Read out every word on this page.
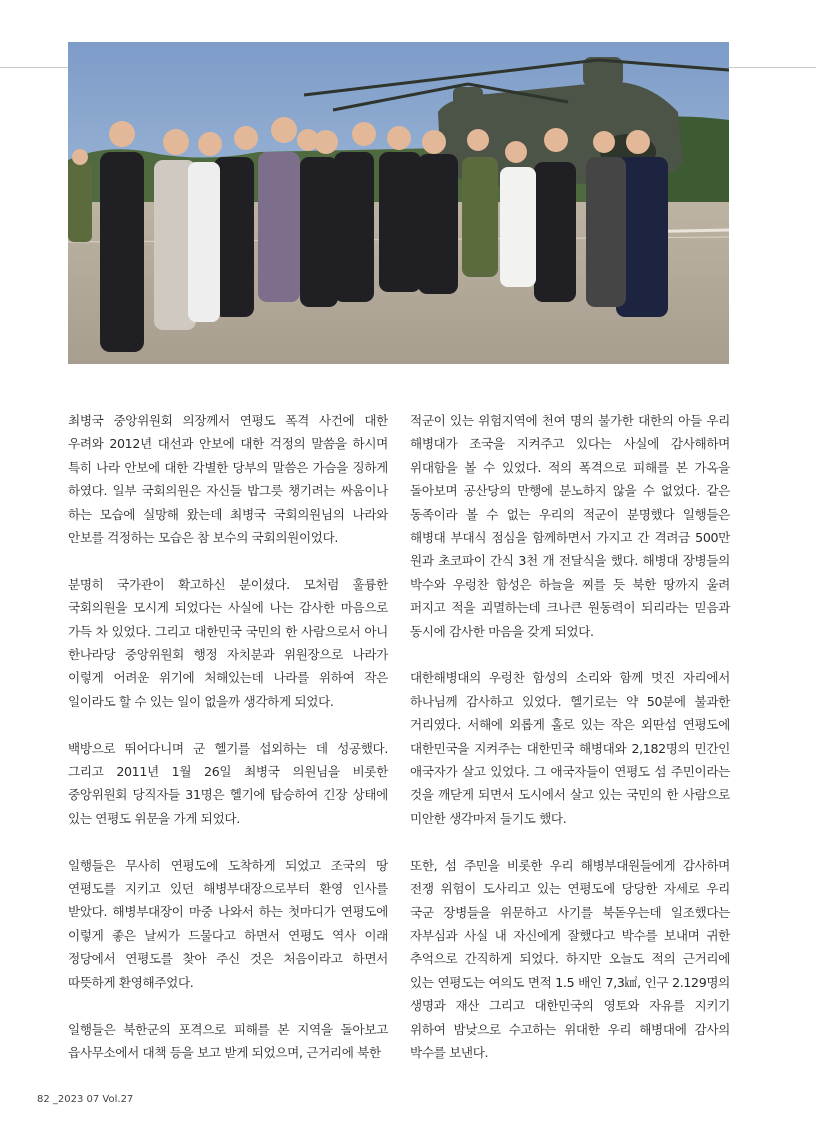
최병국 중앙위원회 의장께서 연평도 폭격 사건에 대한 우려와 2012년 대선과 안보에 대한 걱정의 말씀을 하시며 특히 나라 안보에 대한 각별한 당부의 말씀은 가슴을 징하게 하였다. 일부 국회의원은 자신들 밥그릇 챙기려는 싸움이나 하는 모습에 실망해 왔는데 최병국 국회의원님의 나라와 안보를 걱정하는 모습은 참 보수의 국회의원이었다.

분명히 국가관이 확고하신 분이셨다. 모처럼 훌륭한 국회의원을 모시게 되었다는 사실에 나는 감사한 마음으로 가득 차 있었다. 그리고 대한민국 국민의 한 사람으로서 아니 한나라당 중앙위원회 행정 자치분과 위원장으로 나라가 이렇게 어려운 위기에 처해있는데 나라를 위하여 작은 일이라도 할 수 있는 일이 없을까 생각하게 되었다.

백방으로 뛰어다니며 군 헬기를 섭외하는 데 성공했다. 그리고 2011년 1월 26일 최병국 의원님을 비롯한 중앙위원회 당직자들 31명은 헬기에 탑승하여 긴장 상태에 있는 연평도 위문을 가게 되었다.

일행들은 무사히 연평도에 도착하게 되었고 조국의 땅 연평도를 지키고 있던 해병부대장으로부터 환영 인사를 받았다. 해병부대장이 마중 나와서 하는 첫마디가 연평도에 이렇게 좋은 날씨가 드물다고 하면서 연평도 역사 이래 정당에서 연평도를 찾아 주신 것은 처음이라고 하면서 따뜻하게 환영해주었다.

일행들은 북한군의 포격으로 피해를 본 지역을 돌아보고 읍사무소에서 대책 등을 보고 받게 되었으며, 근거리에 북한

적군이 있는 위험지역에 천여 명의 불가한 대한의 아들 우리 해병대가 조국을 지켜주고 있다는 사실에 감사해하며 위대함을 볼 수 있었다. 적의 폭격으로 피해를 본 가옥을 돌아보며 공산당의 만행에 분노하지 않을 수 없었다. 같은 동족이라 볼 수 없는 우리의 적군이 분명했다 일행들은 해병대 부대식 점심을 함께하면서 가지고 간 격려금 500만 원과 초코파이 간식 3천 개 전달식을 했다. 해병대 장병들의 박수와 우렁찬 함성은 하늘을 찌를 듯 북한 땅까지 울려 퍼지고 적을 괴멸하는데 크나큰 원동력이 되리라는 믿음과 동시에 감사한 마음을 갖게 되었다.

대한해병대의 우렁찬 함성의 소리와 함께 멋진 자리에서 하나님께 감사하고 있었다. 헬기로는 약 50분에 불과한 거리였다. 서해에 외롭게 홀로 있는 작은 외딴섬 연평도에 대한민국을 지켜주는 대한민국 해병대와 2,182명의 민간인 애국자가 살고 있었다. 그 애국자들이 연평도 섬 주민이라는 것을 깨닫게 되면서 도시에서 살고 있는 국민의 한 사람으로 미안한 생각마저 들기도 했다.

또한, 섬 주민을 비롯한 우리 해병부대원들에게 감사하며 전쟁 위험이 도사리고 있는 연평도에 당당한 자세로 우리 국군 장병들을 위문하고 사기를 북돋우는데 일조했다는 자부심과 사실 내 자신에게 잘했다고 박수를 보내며 귀한 추억으로 간직하게 되었다. 하지만 오늘도 적의 근거리에 있는 연평도는 여의도 면적 1.5 배인 7,3㎢, 인구 2.129명의 생명과 재산 그리고 대한민국의 영토와 자유를 지키기 위하여 밤낮으로 수고하는 위대한 우리 해병대에 감사의 박수를 보낸다.

82 _2023 07 Vol.27
